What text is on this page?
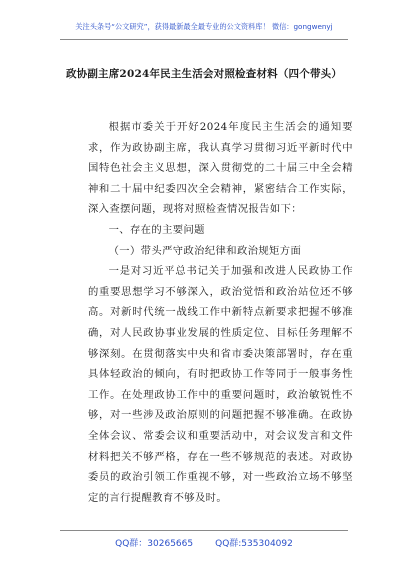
关注头条号“公文研究”，获得最新最全最专业的公文资料库！ 微信：gongwenyj
政协副主席2024年民主生活会对照检查材料（四个带头）

根据市委关于开好2024年度民主生活会的通知要求，作为政协副主席，我认真学习贯彻习近平新时代中国特色社会主义思想，深入贯彻党的二十届三中全会精神和二十届中纪委四次全会精神，紧密结合工作实际，深入查摆问题，现将对照检查情况报告如下：

一、存在的主要问题

（一）带头严守政治纪律和政治规矩方面

一是对习近平总书记关于加强和改进人民政协工作的重要思想学习不够深入，政治觉悟和政治站位还不够高。对新时代统一战线工作中新特点新要求把握不够准确，对人民政协事业发展的性质定位、目标任务理解不够深刻。在贯彻落实中央和省市委决策部署时，存在重具体轻政治的倾向，有时把政协工作等同于一般事务性工作。在处理政协工作中的重要问题时，政治敏锐性不够，对一些涉及政治原则的问题把握不够准确。在政协全体会议、常委会议和重要活动中，对会议发言和文件材料把关不够严格，存在一些不够规范的表述。对政协委员的政治引领工作重视不够，对一些政治立场不够坚定的言行提醒教育不够及时。

QQ群：30265665 QQ群:535304092
